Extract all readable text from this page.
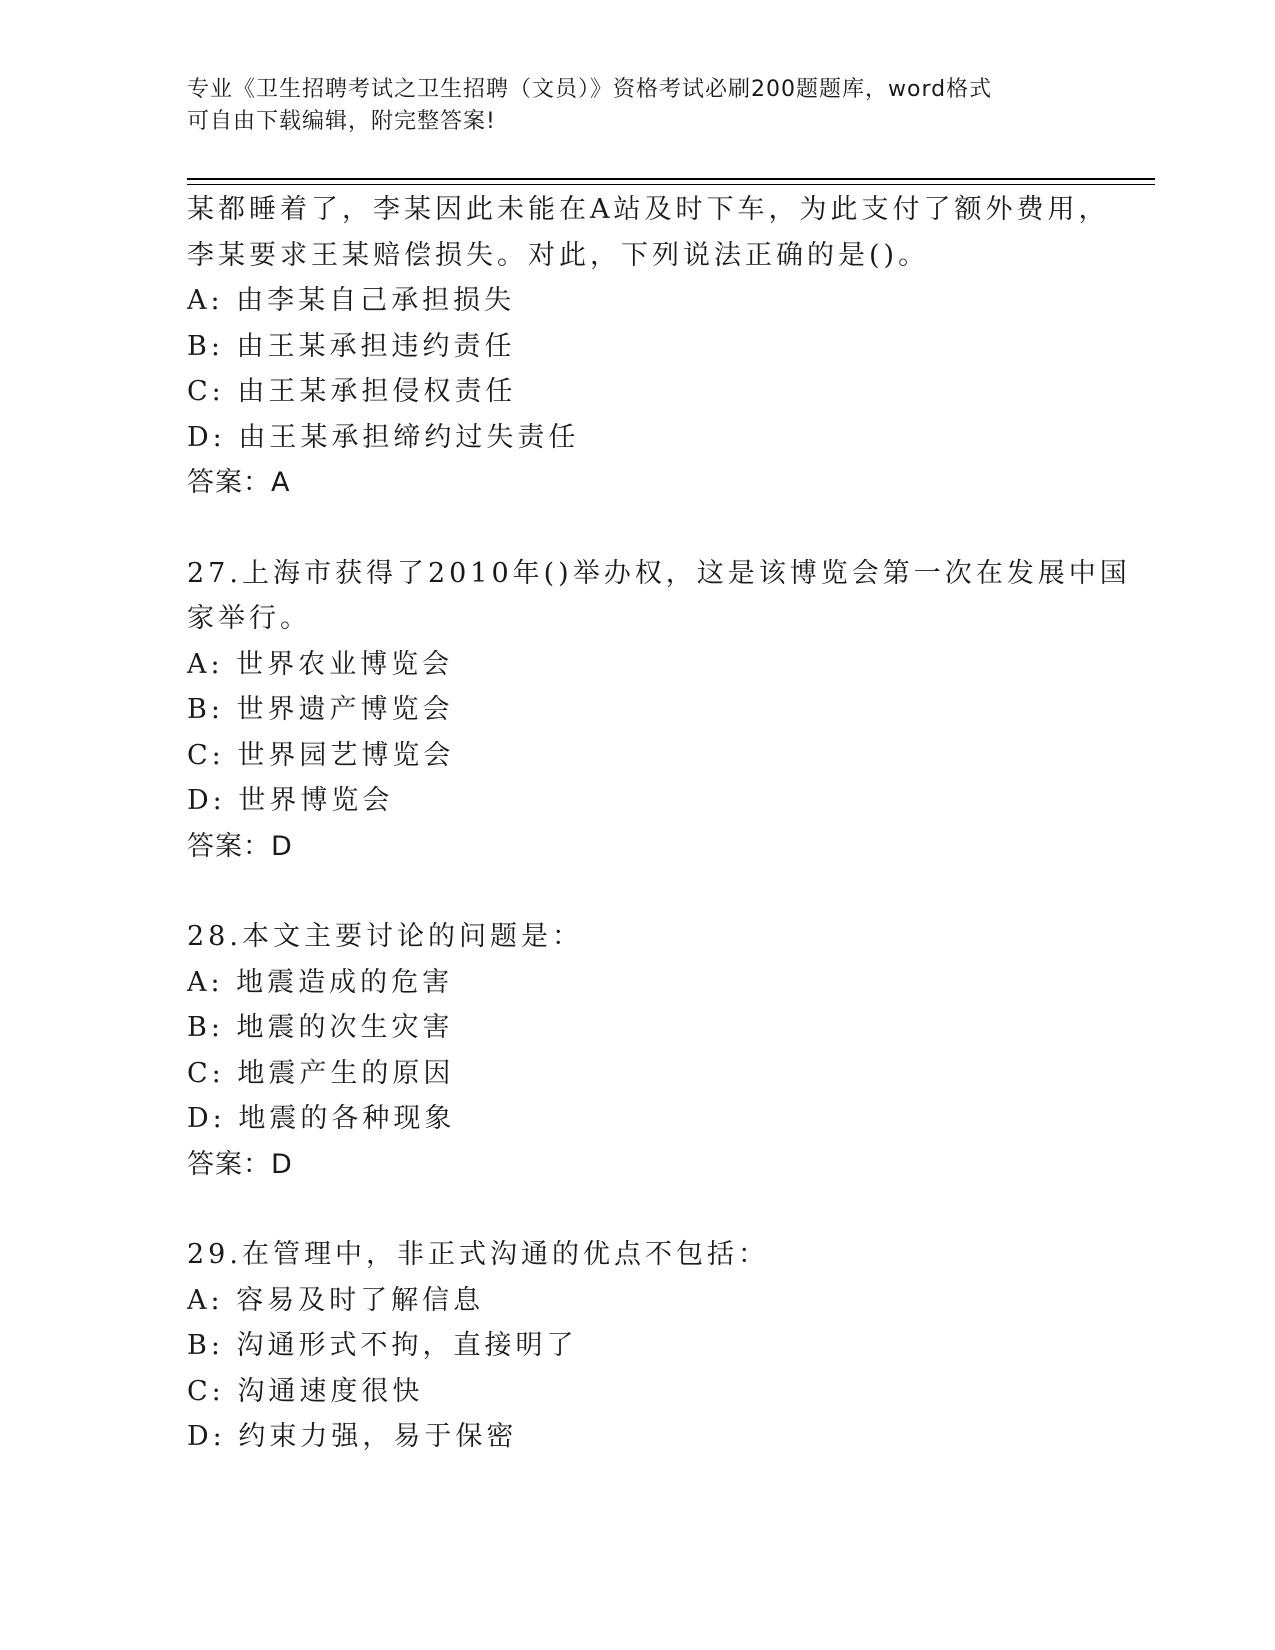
专业《卫生招聘考试之卫生招聘（文员）》资格考试必刷200题题库，word格式
可自由下载编辑，附完整答案!
某都睡着了，李某因此未能在A站及时下车，为此支付了额外费用，
李某要求王某赔偿损失。对此，下列说法正确的是()。
A: 由李某自己承担损失
B: 由王某承担违约责任
C: 由王某承担侵权责任
D: 由王某承担缔约过失责任
答案：A
27.上海市获得了2010年()举办权，这是该博览会第一次在发展中国
家举行。
A: 世界农业博览会
B: 世界遗产博览会
C: 世界园艺博览会
D: 世界博览会
答案：D
28.本文主要讨论的问题是：
A: 地震造成的危害
B: 地震的次生灾害
C: 地震产生的原因
D: 地震的各种现象
答案：D
29.在管理中，非正式沟通的优点不包括：
A: 容易及时了解信息
B: 沟通形式不拘，直接明了
C: 沟通速度很快
D: 约束力强，易于保密
